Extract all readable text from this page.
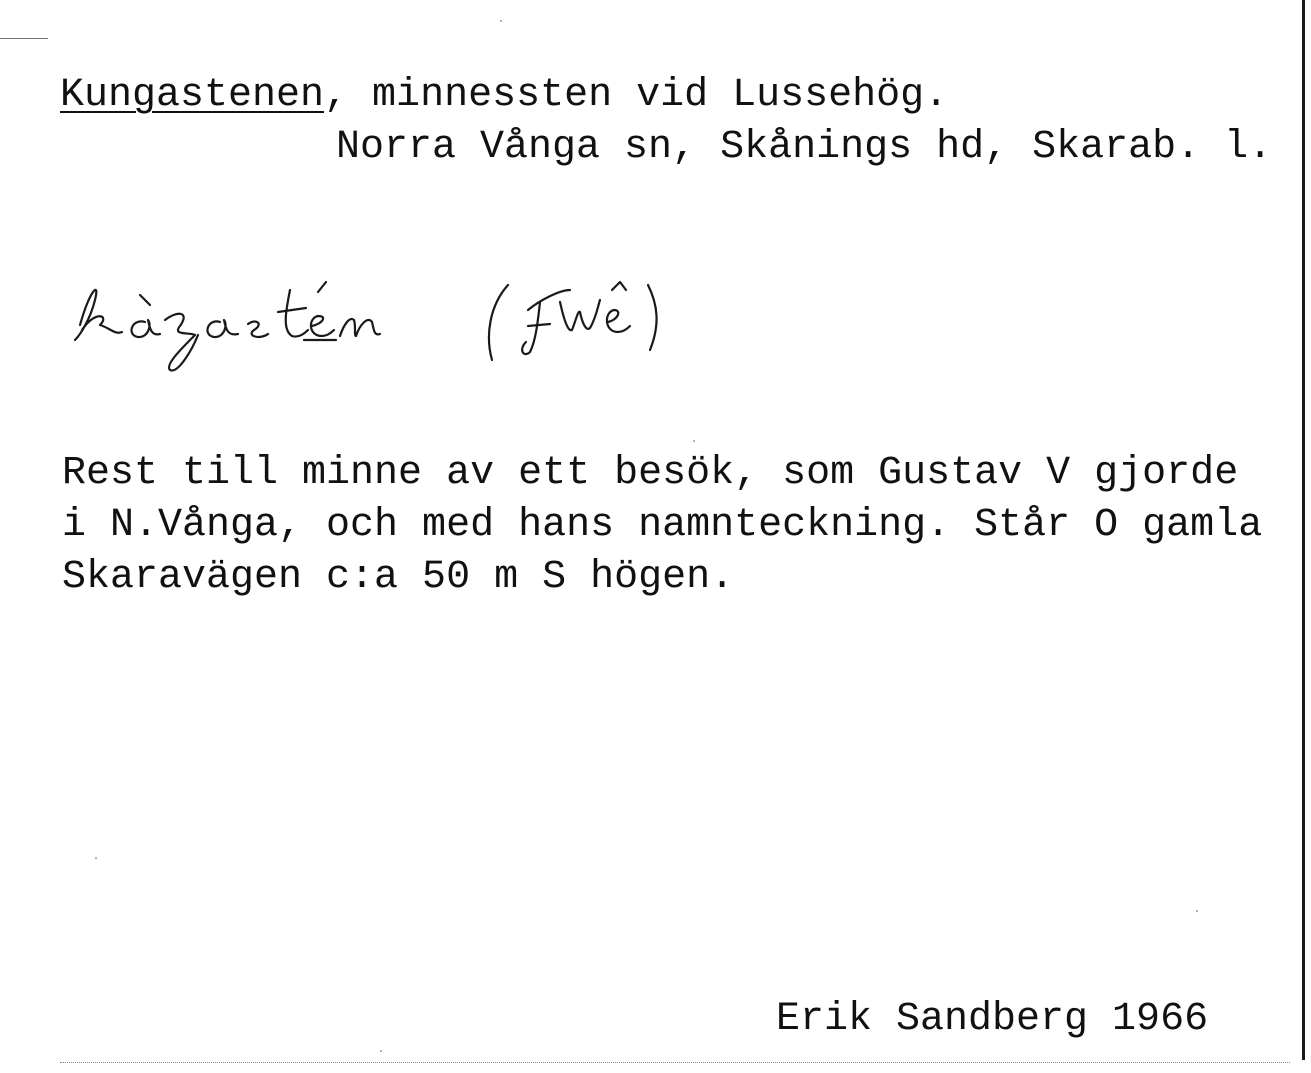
Kungastenen, minnessten vid Lussehög.
Norra Vånga sn, Skånings hd, Skarab. l.
Rest till minne av ett besök, som Gustav V gjorde
i N.Vånga, och med hans namnteckning. Står O gamla
Skaravägen c:a 50 m S högen.
Erik Sandberg 1966
